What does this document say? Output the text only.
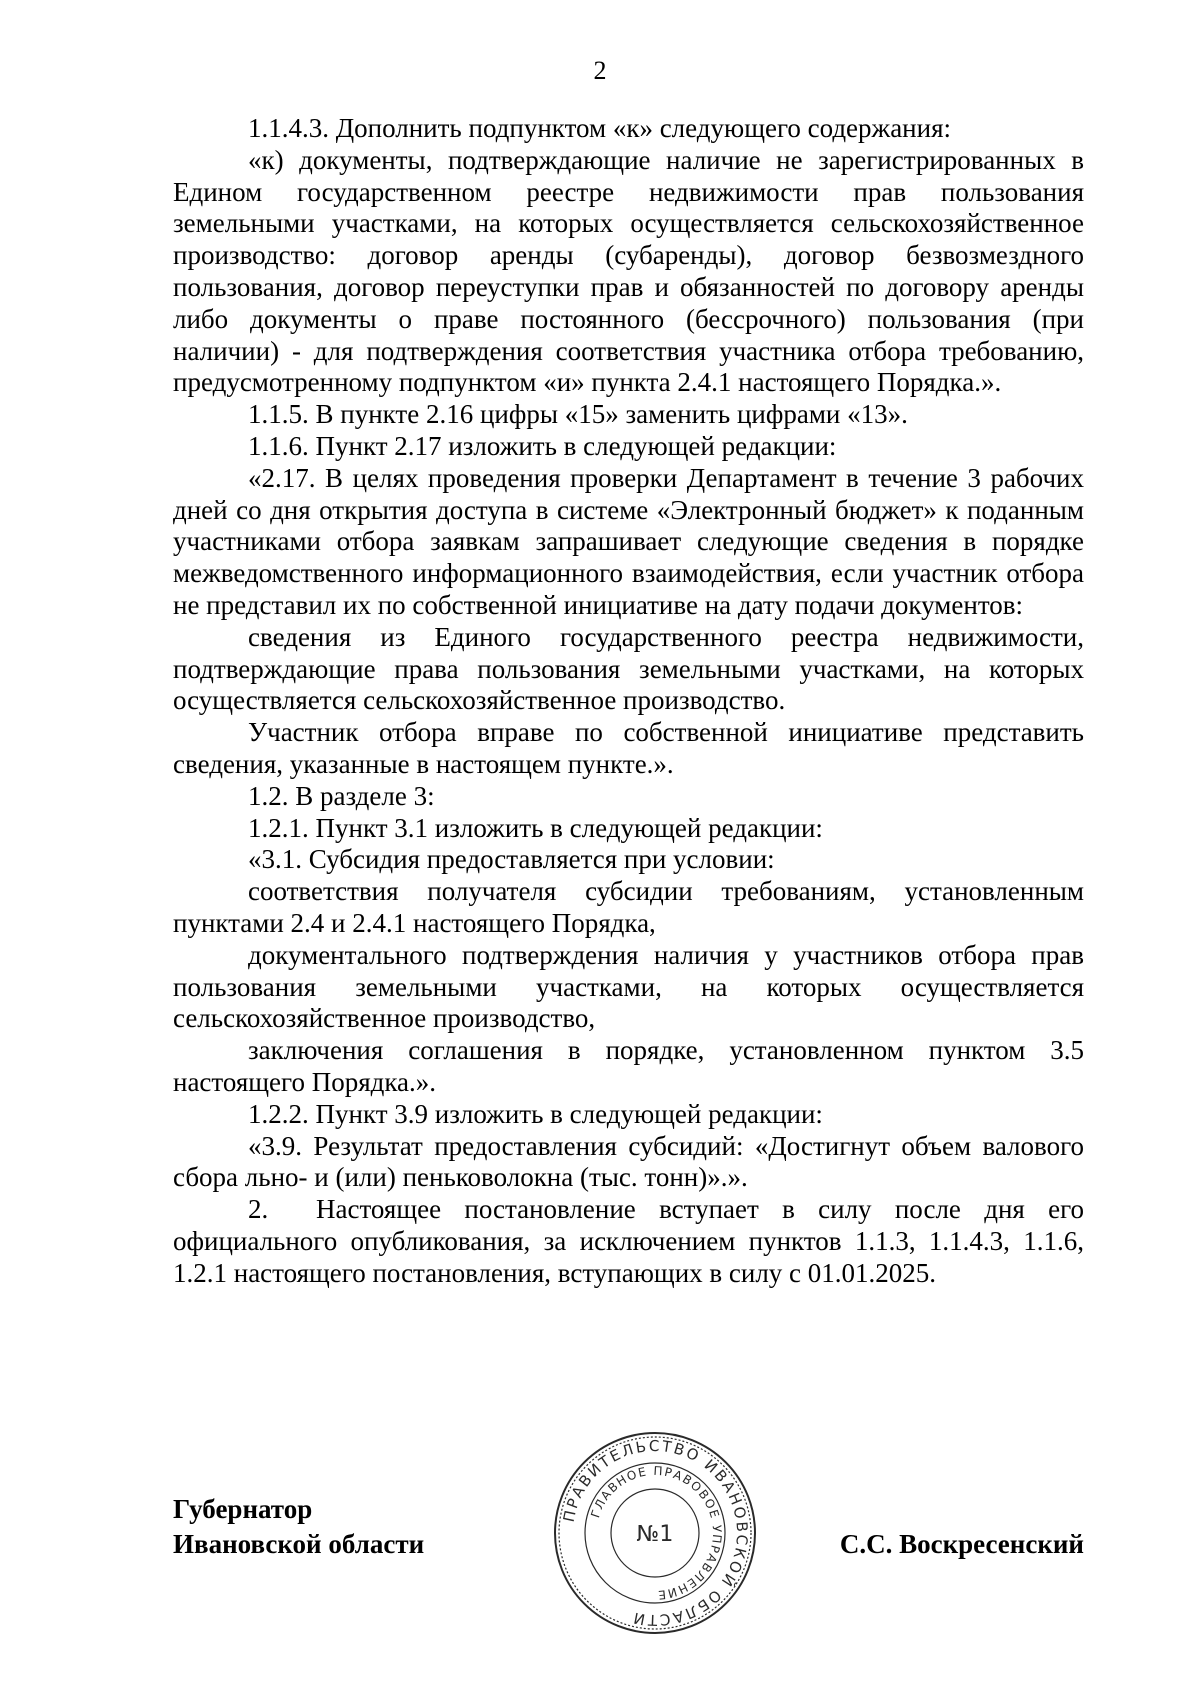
2

1.1.4.3. Дополнить подпунктом «к» следующего содержания:

«к) документы, подтверждающие наличие не зарегистрированных в Едином государственном реестре недвижимости прав пользования земельными участками, на которых осуществляется сельскохозяйственное производство: договор аренды (субаренды), договор безвозмездного пользования, договор переуступки прав и обязанностей по договору аренды либо документы о праве постоянного (бессрочного) пользования (при наличии) - для подтверждения соответствия участника отбора требованию, предусмотренному подпунктом «и» пункта 2.4.1 настоящего Порядка.».

1.1.5. В пункте 2.16 цифры «15» заменить цифрами «13».

1.1.6. Пункт 2.17 изложить в следующей редакции:

«2.17. В целях проведения проверки Департамент в течение 3 рабочих дней со дня открытия доступа в системе «Электронный бюджет» к поданным участниками отбора заявкам запрашивает следующие сведения в порядке межведомственного информационного взаимодействия, если участник отбора не представил их по собственной инициативе на дату подачи документов:

сведения из Единого государственного реестра недвижимости, подтверждающие права пользования земельными участками, на которых осуществляется сельскохозяйственное производство.

Участник отбора вправе по собственной инициативе представить сведения, указанные в настоящем пункте.».

1.2. В разделе 3:

1.2.1. Пункт 3.1 изложить в следующей редакции:

«3.1. Субсидия предоставляется при условии:

соответствия получателя субсидии требованиям, установленным пунктами 2.4 и 2.4.1 настоящего Порядка,

документального подтверждения наличия у участников отбора прав пользования земельными участками, на которых осуществляется сельскохозяйственное производство,

заключения соглашения в порядке, установленном пунктом 3.5 настоящего Порядка.».

1.2.2. Пункт 3.9 изложить в следующей редакции:

«3.9. Результат предоставления субсидий: «Достигнут объем валового сбора льно- и (или) пеньковолокна (тыс. тонн)».».

2. Настоящее постановление вступает в силу после дня его официального опубликования, за исключением пунктов 1.1.3, 1.1.4.3, 1.1.6, 1.2.1 настоящего постановления, вступающих в силу с 01.01.2025.

Губернатор
Ивановской области
ПРАВИТЕЛЬСТВО ИВАНОВСКОЙ ОБЛАСТИ
ГЛАВНОЕ ПРАВОВОЕ УПРАВЛЕНИЕ
№1	С.С. Воскресенский
